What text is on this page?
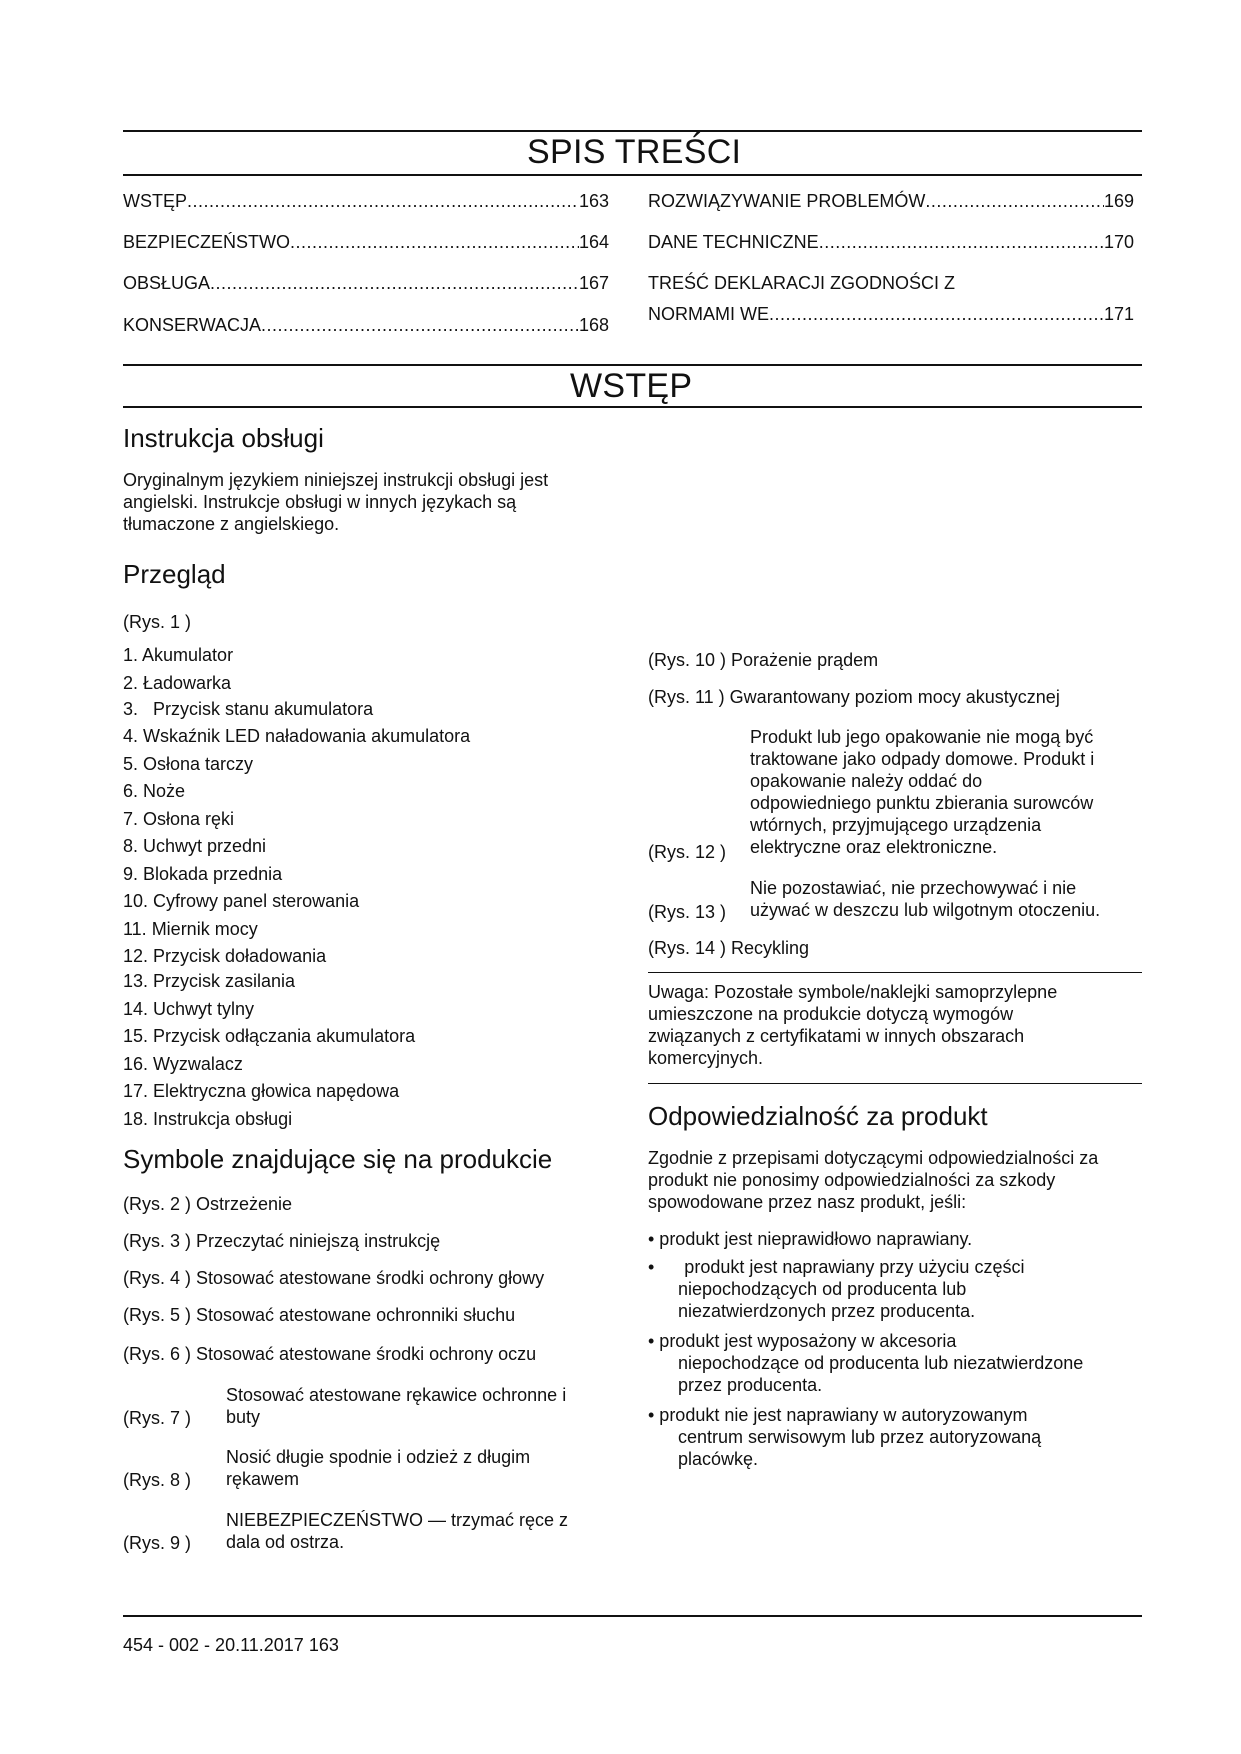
SPIS TREŚCI
WSTĘP .....	163
BEZPIECZEŃSTWO .....	164
OBSŁUGA .....	167
KONSERWACJA .....	168
ROZWIĄZYWANIE PROBLEMÓW .....	169
DANE TECHNICZNE .....	170
TREŚĆ DEKLARACJI ZGODNOŚCI Z
NORMAMI WE .....	171
WSTĘP
Instrukcja obsługi
Oryginalnym językiem niniejszej instrukcji obsługi jest
angielski. Instrukcje obsługi w innych językach są
tłumaczone z angielskiego.
Przegląd
(Rys. 1 )
1. Akumulator
2. Ładowarka
3.   Przycisk stanu akumulatora
4. Wskaźnik LED naładowania akumulatora
5. Osłona tarczy
6. Noże
7. Osłona ręki
8. Uchwyt przedni
9. Blokada przednia
10. Cyfrowy panel sterowania
11. Miernik mocy
12. Przycisk doładowania
13. Przycisk zasilania
14. Uchwyt tylny
15. Przycisk odłączania akumulatora
16. Wyzwalacz
17. Elektryczna głowica napędowa
18. Instrukcja obsługi
Symbole znajdujące się na produkcie
(Rys. 2 ) Ostrzeżenie
(Rys. 3 ) Przeczytać niniejszą instrukcję
(Rys. 4 ) Stosować atestowane środki ochrony głowy
(Rys. 5 ) Stosować atestowane ochronniki słuchu
(Rys. 6 ) Stosować atestowane środki ochrony oczu
(Rys. 7 )
Stosować atestowane rękawice ochronne i
buty
(Rys. 8 )
Nosić długie spodnie i odzież z długim
rękawem
(Rys. 9 )
NIEBEZPIECZEŃSTWO — trzymać ręce z
dala od ostrza.
(Rys. 10 ) Porażenie prądem
(Rys. 11 ) Gwarantowany poziom mocy akustycznej
Produkt lub jego opakowanie nie mogą być
traktowane jako odpady domowe. Produkt i
opakowanie należy oddać do
odpowiedniego punktu zbierania surowców
wtórnych, przyjmującego urządzenia
elektryczne oraz elektroniczne.
(Rys. 12 )
Nie pozostawiać, nie przechowywać i nie
używać w deszczu lub wilgotnym otoczeniu.
(Rys. 13 )
(Rys. 14 ) Recykling
Uwaga: Pozostałe symbole/naklejki samoprzylepne
umieszczone na produkcie dotyczą wymogów
związanych z certyfikatami w innych obszarach
komercyjnych.
Odpowiedzialność za produkt
Zgodnie z przepisami dotyczącymi odpowiedzialności za
produkt nie ponosimy odpowiedzialności za szkody
spowodowane przez nasz produkt, jeśli:
• produkt jest nieprawidłowo naprawiany.
•      produkt jest naprawiany przy użyciu części
niepochodzących od producenta lub
niezatwierdzonych przez producenta.
• produkt jest wyposażony w akcesoria
niepochodzące od producenta lub niezatwierdzone
przez producenta.
• produkt nie jest naprawiany w autoryzowanym
centrum serwisowym lub przez autoryzowaną
placówkę.
454 - 002 - 20.11.2017 163
